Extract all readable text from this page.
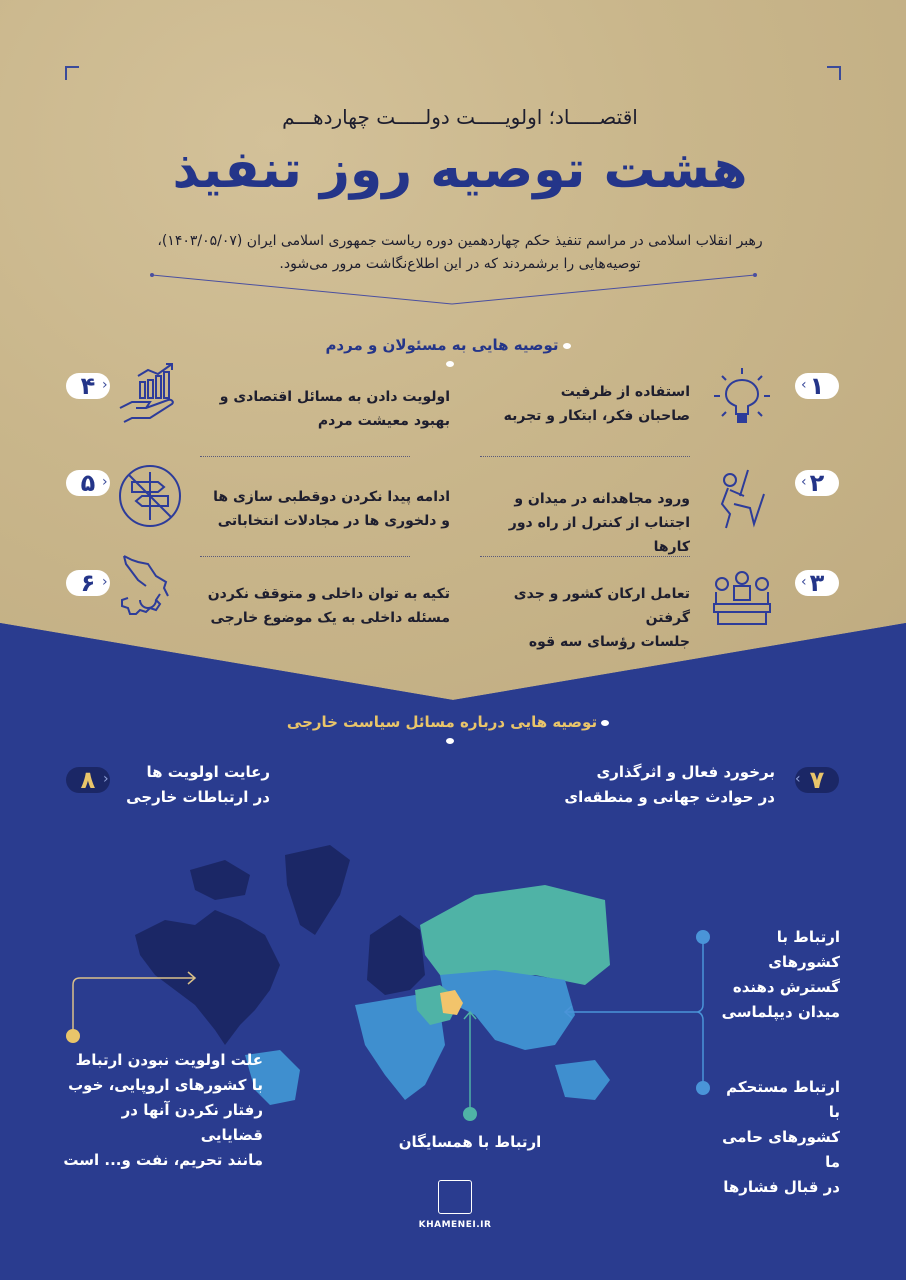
اقتصـــــاد؛ اولویـــــت دولـــــت چهاردهـــم
هشت توصیه روز تنفیذ
رهبر انقلاب اسلامی در مراسم تنفیذ حکم چهاردهمین دوره ریاست جمهوری اسلامی ایران (۱۴۰۳/۰۵/۰۷)،
توصیه‌هایی را برشمردند که در این اطلاع‌نگاشت مرور می‌شود.
توصیه هایی به مسئولان و مردم
۱
‹
استفاده از ظرفیت
صاحبان فکر، ابتکار و تجربه
۲
‹
ورود مجاهدانه در میدان و
اجتناب از کنترل از راه دور کارها
۳
‹
تعامل ارکان کشور و جدی گرفتن
جلسات رؤسای سه قوه
۴ ›
اولویت دادن به مسائل اقتصادی و
بهبود معیشت مردم
۵ ›
ادامه پیدا نکردن دوقطبی سازی ها
و دلخوری ها در مجادلات انتخاباتی
۶ ›
تکیه به توان داخلی و متوقف نکردن
مسئله داخلی به یک موضوع خارجی
توصیه هایی درباره مسائل سیاست خارجی
۷
‹
برخورد فعال و اثرگذاری
در حوادث جهانی و منطقه‌ای
۸ ›	رعایت اولویت ها
در ارتباطات خارجی
ارتباط با کشورهای
گسترش دهنده
میدان دیپلماسی
ارتباط مستحکم با
کشورهای حامی ما
در قبال فشارها
ارتباط با همسایگان
علت اولویت نبودن ارتباط
با کشورهای اروپایی، خوب
رفتار نکردن آنها در قضایایی
مانند تحریم، نفت و... است
KHAMENEI.IR
